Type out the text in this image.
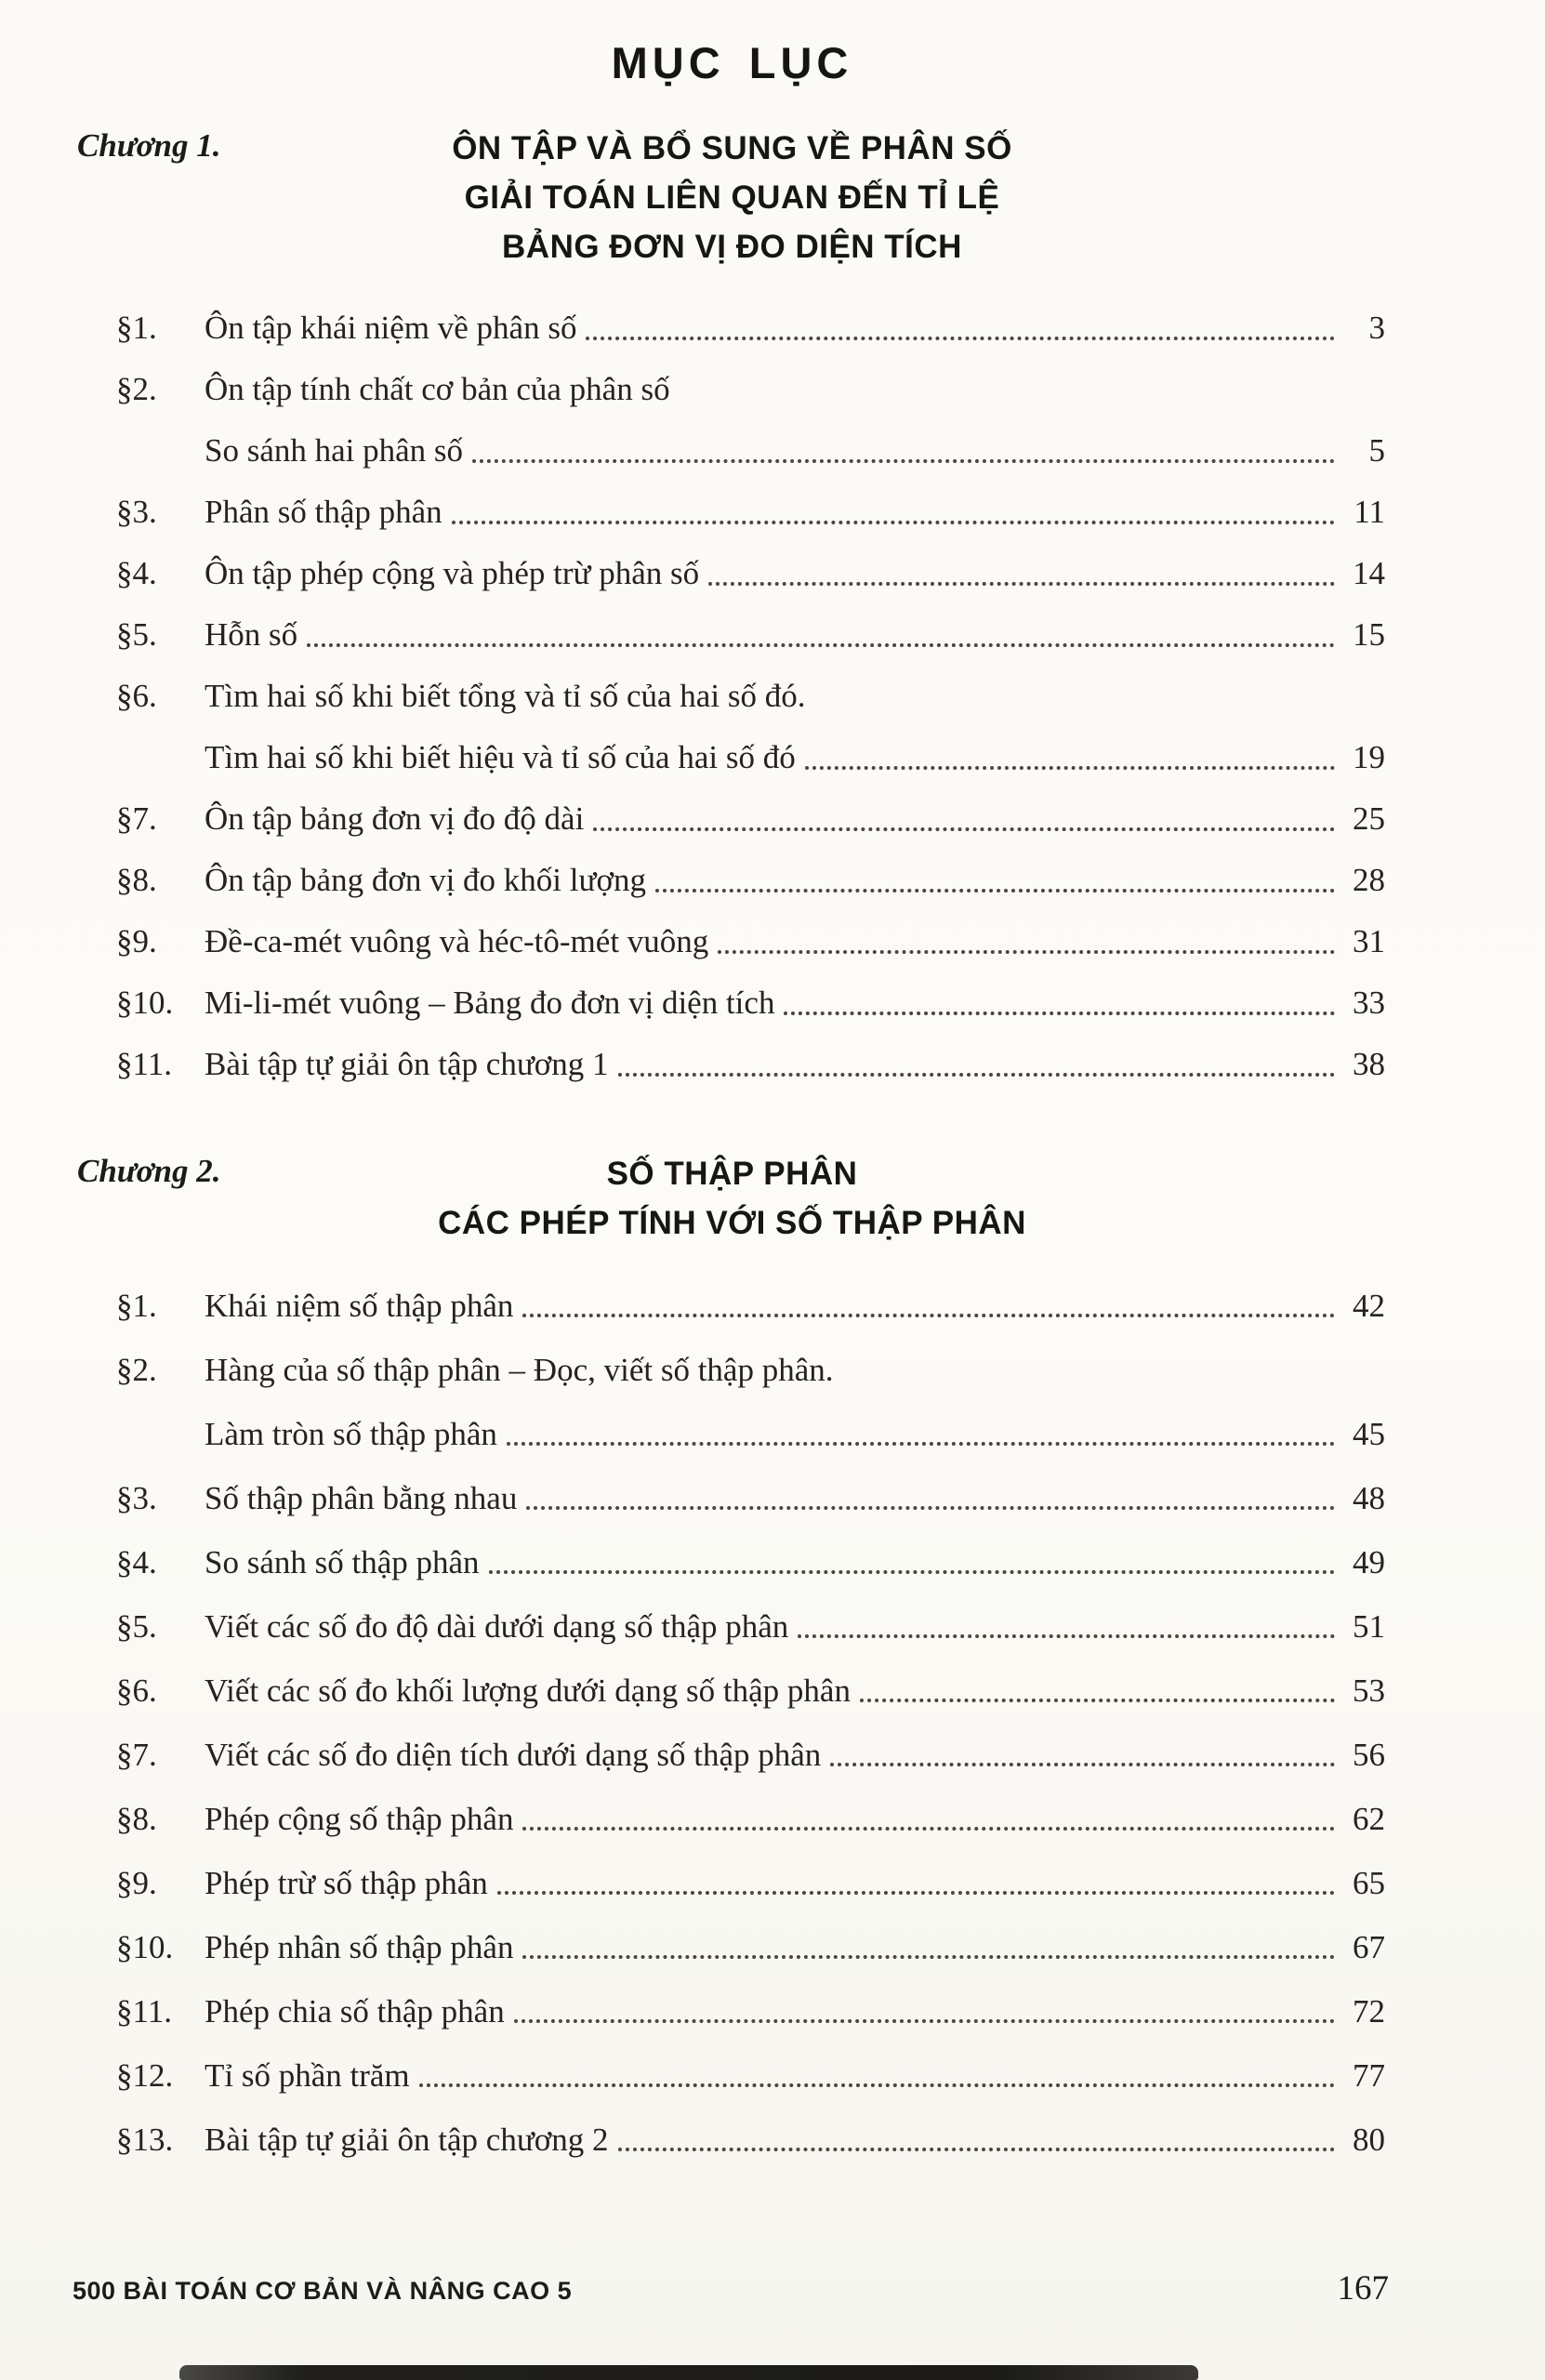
MỤC LỤC
Chương 1.	ÔN TẬP VÀ BỔ SUNG VỀ PHÂN SỐ
GIẢI TOÁN LIÊN QUAN ĐẾN TỈ LỆ
BẢNG ĐƠN VỊ ĐO DIỆN TÍCH
§1.	Ôn tập khái niệm về phân số	3
§2.	Ôn tập tính chất cơ bản của phân số
So sánh hai phân số	5
§3.	Phân số thập phân	11
§4.	Ôn tập phép cộng và phép trừ phân số	14
§5.	Hỗn số	15
§6.	Tìm hai số khi biết tổng và tỉ số của hai số đó.
Tìm hai số khi biết hiệu và tỉ số của hai số đó	19
§7.	Ôn tập bảng đơn vị đo độ dài	25
§8.	Ôn tập bảng đơn vị đo khối lượng	28
§9.	Đề-ca-mét vuông và héc-tô-mét vuông	31
§10. Mi-li-mét vuông – Bảng đo đơn vị diện tích	33
§11.	Bài tập tự giải ôn tập chương 1	38
Chương 2.	SỐ THẬP PHÂN
CÁC PHÉP TÍNH VỚI SỐ THẬP PHÂN
§1.	Khái niệm số thập phân	42
§2.	Hàng của số thập phân – Đọc, viết số thập phân.
Làm tròn số thập phân	45
§3.	Số thập phân bằng nhau	48
§4.	So sánh số thập phân	49
§5.	Viết các số đo độ dài dưới dạng số thập phân	51
§6.	Viết các số đo khối lượng dưới dạng số thập phân	53
§7.	Viết các số đo diện tích dưới dạng số thập phân	56
§8.	Phép cộng số thập phân	62
§9.	Phép trừ số thập phân	65
§10. Phép nhân số thập phân	67
§11.	Phép chia số thập phân	72
§12. Tỉ số phần trăm	77
§13. Bài tập tự giải ôn tập chương 2	80
500 BÀI TOÁN CƠ BẢN VÀ NÂNG CAO 5	167
